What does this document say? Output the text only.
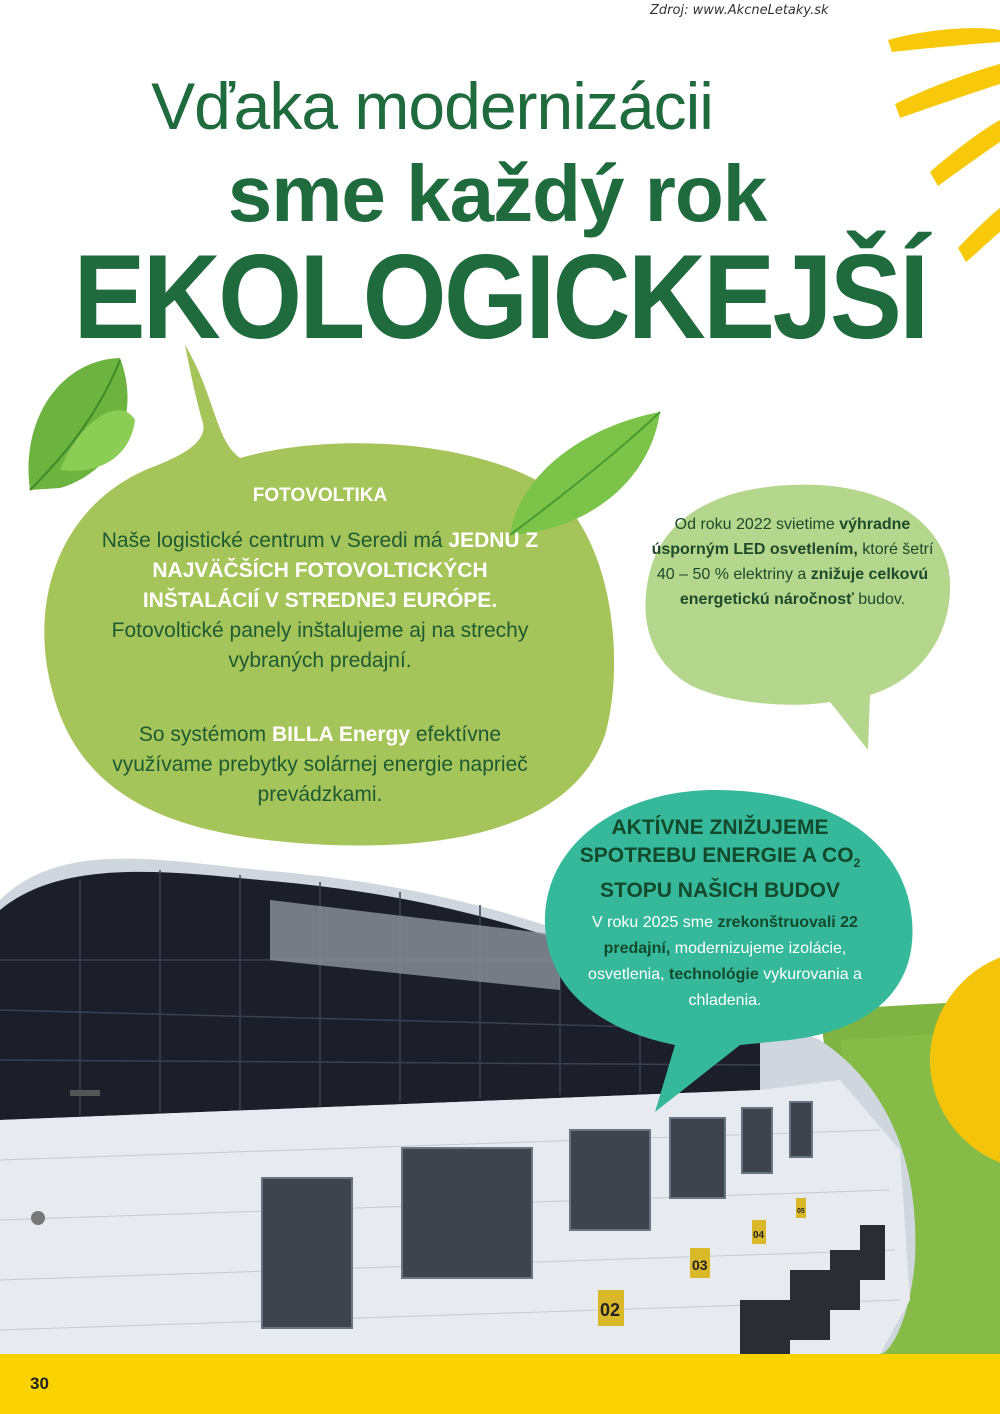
02
03
04
05
Zdroj: www.AkcneLetaky.sk
Vďaka modernizácii
sme každý rok
EKOLOGICKEJŠÍ
FOTOVOLTIKA
Naše logistické centrum v Seredi má JEDNU Z NAJVÄČŠÍCH FOTOVOLTICKÝCH INŠTALÁCIÍ V STREDNEJ EURÓPE. Fotovoltické panely inštalujeme aj na strechy vybraných predajní.
So systémom BILLA Energy efektívne využívame prebytky solárnej energie naprieč prevádzkami.
Od roku 2022 svietime výhradne úsporným LED osvetlením, ktoré šetrí 40 – 50 % elektriny a znižuje celkovú energetickú náročnosť budov.
AKTÍVNE ZNIŽUJEME SPOTREBU ENERGIE A $CO_2$ STOPU NAŠICH BUDOV
V roku 2025 sme zrekonštruovali 22 predajní, modernizujeme izolácie, osvetlenia, technológie vykurovania a chladenia.
30
